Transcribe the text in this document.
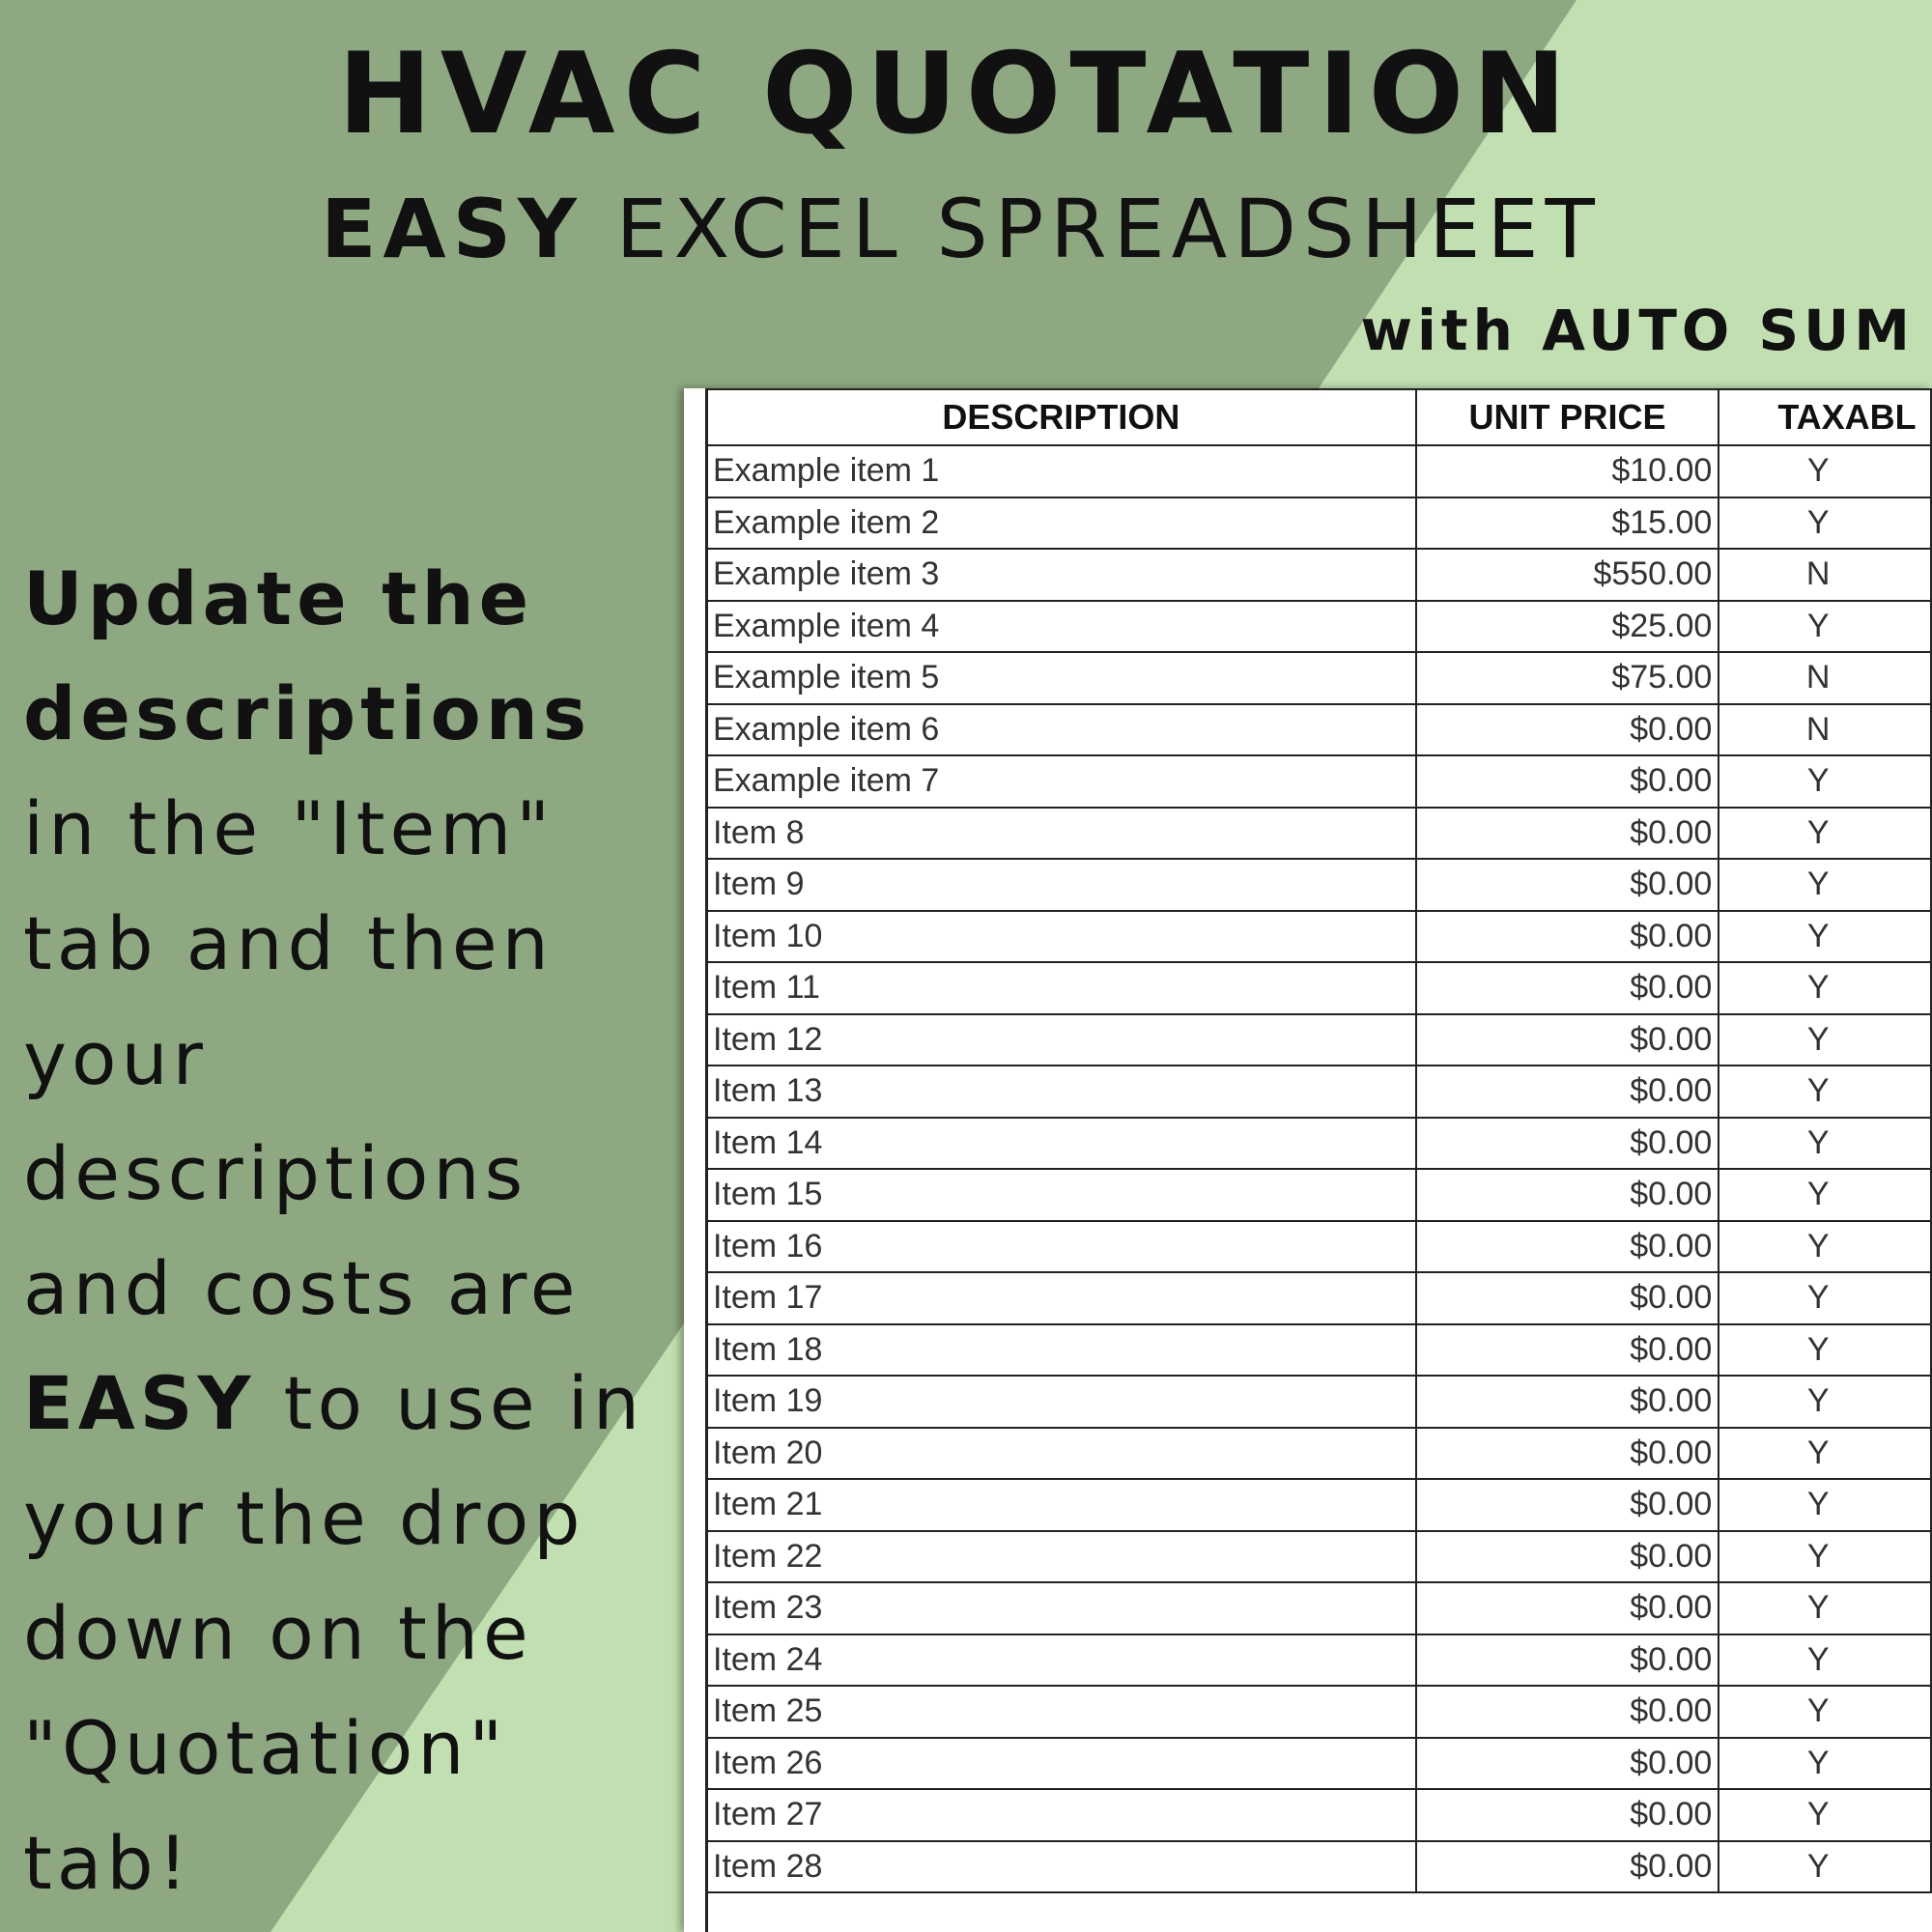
HVAC QUOTATION
EASY EXCEL SPREADSHEET
with AUTO SUM

Update the descriptions in the "Item" tab and then your descriptions and costs are EASY to use in your the drop down on the "Quotation" tab!

DESCRIPTION	UNIT PRICE	TAXABL
Example item 1	$10.00	Y
Example item 2	$15.00	Y
Example item 3	$550.00	N
Example item 4	$25.00	Y
Example item 5	$75.00	N
Example item 6	$0.00	N
Example item 7	$0.00	Y
Item 8	$0.00	Y
Item 9	$0.00	Y
Item 10	$0.00	Y
Item 11	$0.00	Y
Item 12	$0.00	Y
Item 13	$0.00	Y
Item 14	$0.00	Y
Item 15	$0.00	Y
Item 16	$0.00	Y
Item 17	$0.00	Y
Item 18	$0.00	Y
Item 19	$0.00	Y
Item 20	$0.00	Y
Item 21	$0.00	Y
Item 22	$0.00	Y
Item 23	$0.00	Y
Item 24	$0.00	Y
Item 25	$0.00	Y
Item 26	$0.00	Y
Item 27	$0.00	Y
Item 28	$0.00	Y
